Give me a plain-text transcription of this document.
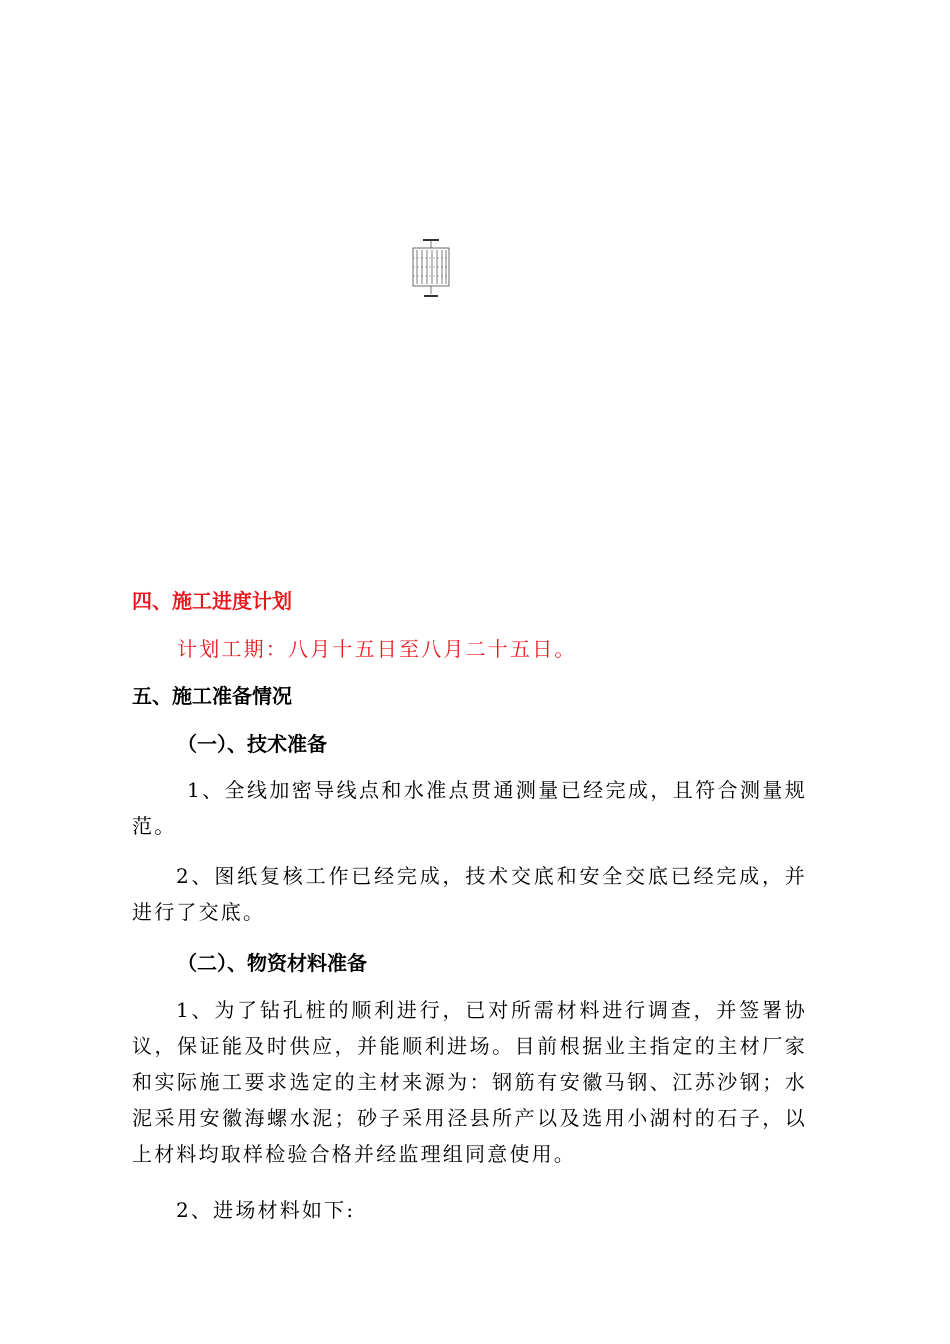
四、施工进度计划
计划工期：八月十五日至八月二十五日。
五、施工准备情况
（一）、技术准备
1、全线加密导线点和水准点贯通测量已经完成，且符合测量规范。
2、图纸复核工作已经完成，技术交底和安全交底已经完成，并进行了交底。
（二）、物资材料准备
1、为了钻孔桩的顺利进行，已对所需材料进行调查，并签署协议，保证能及时供应，并能顺利进场。目前根据业主指定的主材厂家和实际施工要求选定的主材来源为：钢筋有安徽马钢、江苏沙钢；水泥采用安徽海螺水泥；砂子采用泾县所产以及选用小湖村的石子，以上材料均取样检验合格并经监理组同意使用。
2、进场材料如下:
